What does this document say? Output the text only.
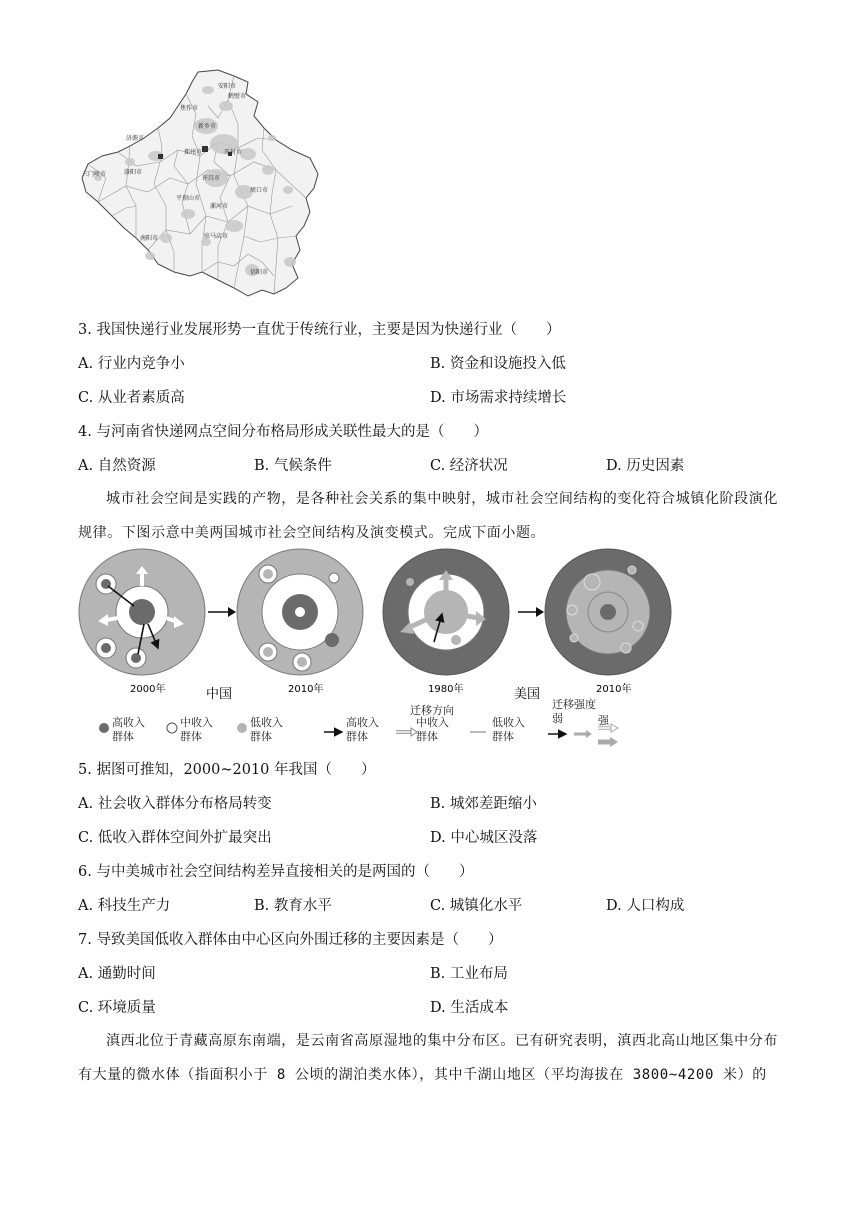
安阳市
鹤壁市
新乡市
焦作市
济源市
郑州市	开封市
洛阳市
三门峡市
许昌市
平顶山市
漯河市
周口市
南阳市	驻马店市
信阳市
3. 我国快递行业发展形势一直优于传统行业，主要是因为快递行业（　　）
A. 行业内竞争小	B. 资金和设施投入低
C. 从业者素质高	D. 市场需求持续增长
4. 与河南省快递网点空间分布格局形成关联性最大的是（　　）
A. 自然资源	B. 气候条件	C. 经济状况	D. 历史因素
城市社会空间是实践的产物，是各种社会关系的集中映射，城市社会空间结构的变化符合城镇化阶段演化规律。下图示意中美两国城市社会空间结构及演变模式。完成下面小题。
2000年	2010年
中国	1980年	2010年
美国
高收入
群体
中收入
群体
低收入
群体
高收入
群体
迁移方向
中收入
群体
低收入
群体
迁移强度
弱	强
5. 据图可推知，2000~2010 年我国（　　）
A. 社会收入群体分布格局转变	B. 城郊差距缩小
C. 低收入群体空间外扩最突出	D. 中心城区没落
6. 与中美城市社会空间结构差异直接相关的是两国的（　　）
A. 科技生产力	B. 教育水平	C. 城镇化水平	D. 人口构成
7. 导致美国低收入群体由中心区向外围迁移的主要因素是（　　）
A. 通勤时间	B. 工业布局
C. 环境质量	D. 生活成本
滇西北位于青藏高原东南端，是云南省高原湿地的集中分布区。已有研究表明，滇西北高山地区集中分布有大量的微水体（指面积小于 8 公顷的湖泊类水体），其中千湖山地区（平均海拔在 3800~4200 米）的
